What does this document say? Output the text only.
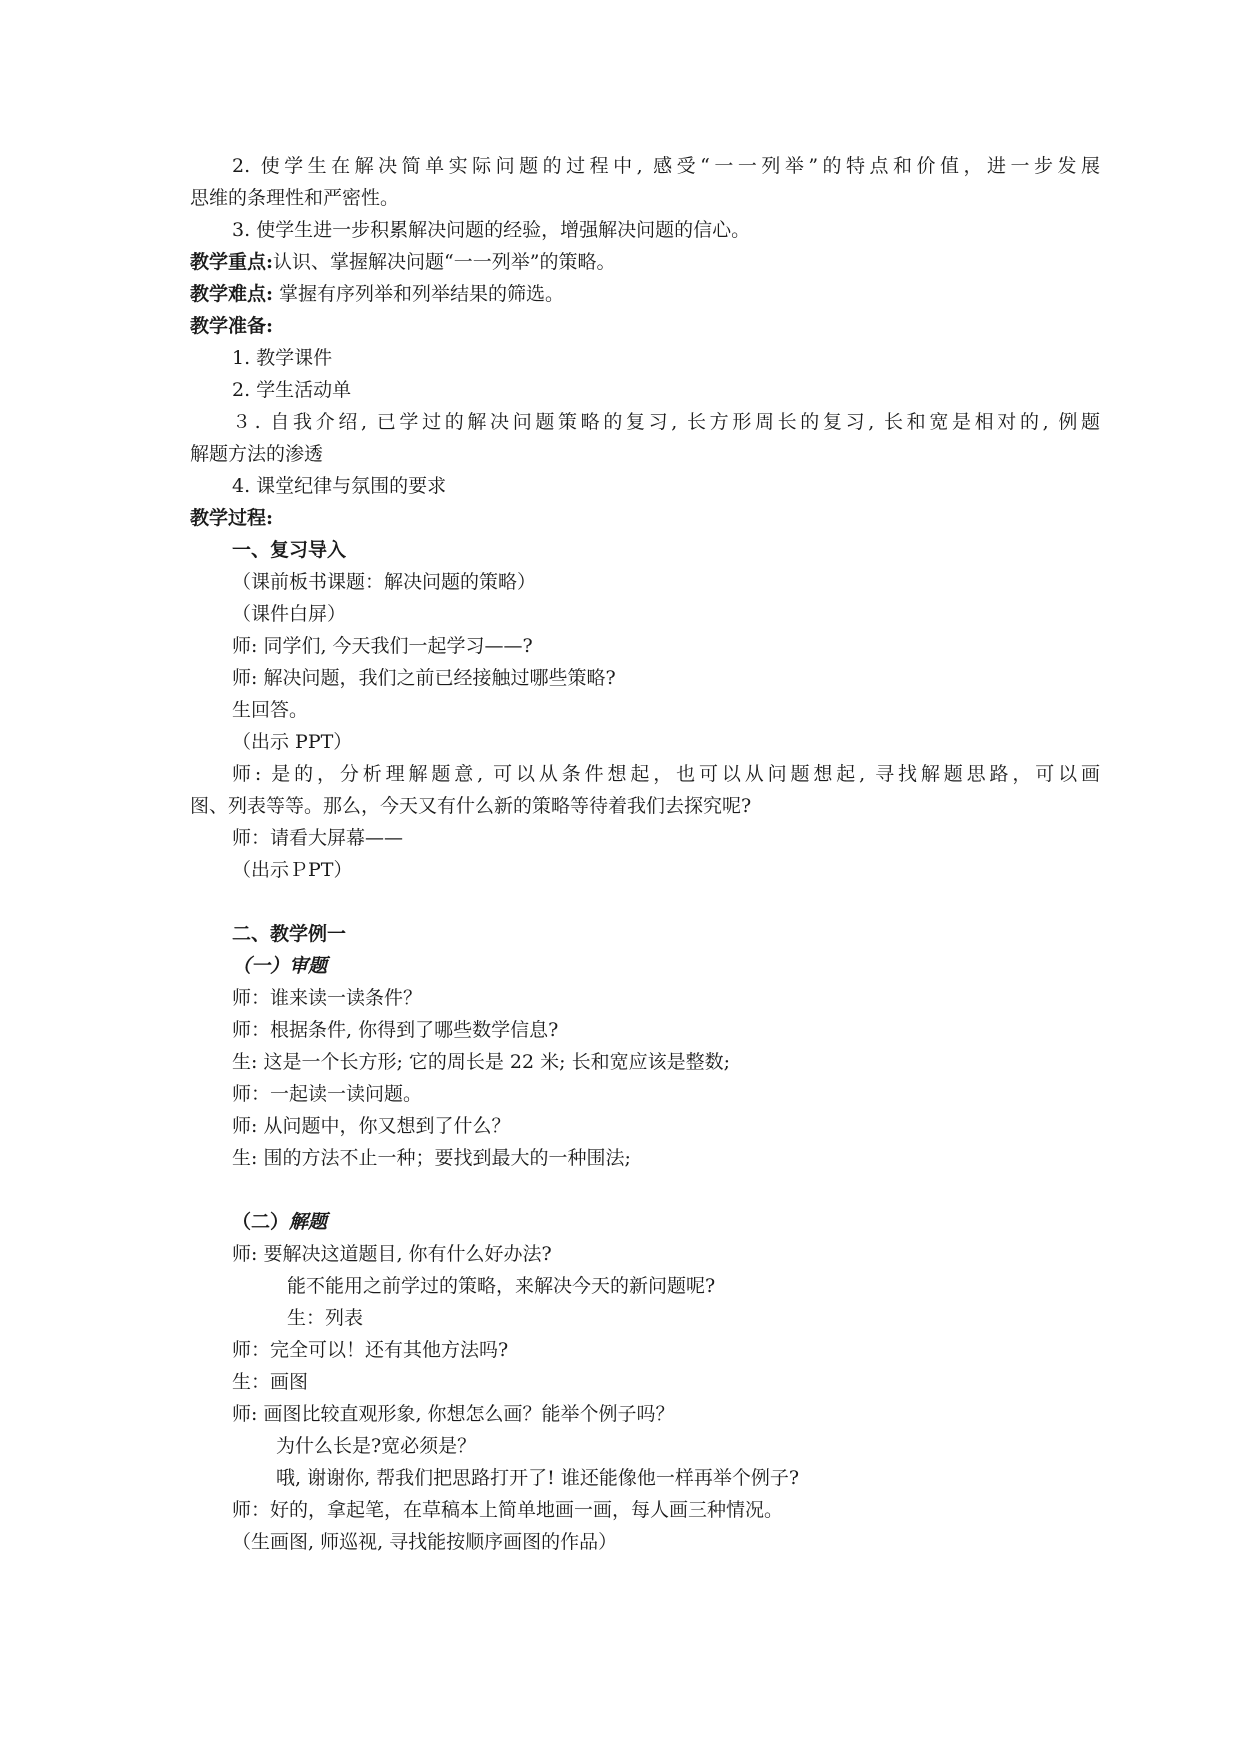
2. 使学生在解决简单实际问题的过程中, 感受“一一列举”的特点和价值，进一步发展
思维的条理性和严密性。
3. 使学生进一步积累解决问题的经验，增强解决问题的信心。
教学重点:认识、掌握解决问题“一一列举”的策略。
教学难点: 掌握有序列举和列举结果的筛选。
教学准备:
1. 教学课件
2. 学生活动单
３. 自我介绍, 已学过的解决问题策略的复习, 长方形周长的复习, 长和宽是相对的, 例题
解题方法的渗透
4. 课堂纪律与氛围的要求
教学过程:
一、复习导入
（课前板书课题：解决问题的策略）
（课件白屏）
师: 同学们, 今天我们一起学习——?
师: 解决问题，我们之前已经接触过哪些策略?
生回答。
（出示 PPT）
师: 是的，分析理解题意, 可以从条件想起，也可以从问题想起, 寻找解题思路，可以画
图、列表等等。那么，今天又有什么新的策略等待着我们去探究呢?
师：请看大屏幕——
（出示ＰPT）
二、教学例一
（一）审题
师：谁来读一读条件？
师：根据条件, 你得到了哪些数学信息?
生: 这是一个长方形; 它的周长是 22 米; 长和宽应该是整数;
师：一起读一读问题。
师: 从问题中，你又想到了什么？
生: 围的方法不止一种；要找到最大的一种围法;
（二）解题
师: 要解决这道题目, 你有什么好办法?
能不能用之前学过的策略，来解决今天的新问题呢?
生：列表
师：完全可以！还有其他方法吗?
生：画图
师: 画图比较直观形象, 你想怎么画？能举个例子吗？
为什么长是?宽必须是？
哦, 谢谢你, 帮我们把思路打开了! 谁还能像他一样再举个例子?
师：好的，拿起笔，在草稿本上简单地画一画，每人画三种情况。
（生画图, 师巡视, 寻找能按顺序画图的作品）
